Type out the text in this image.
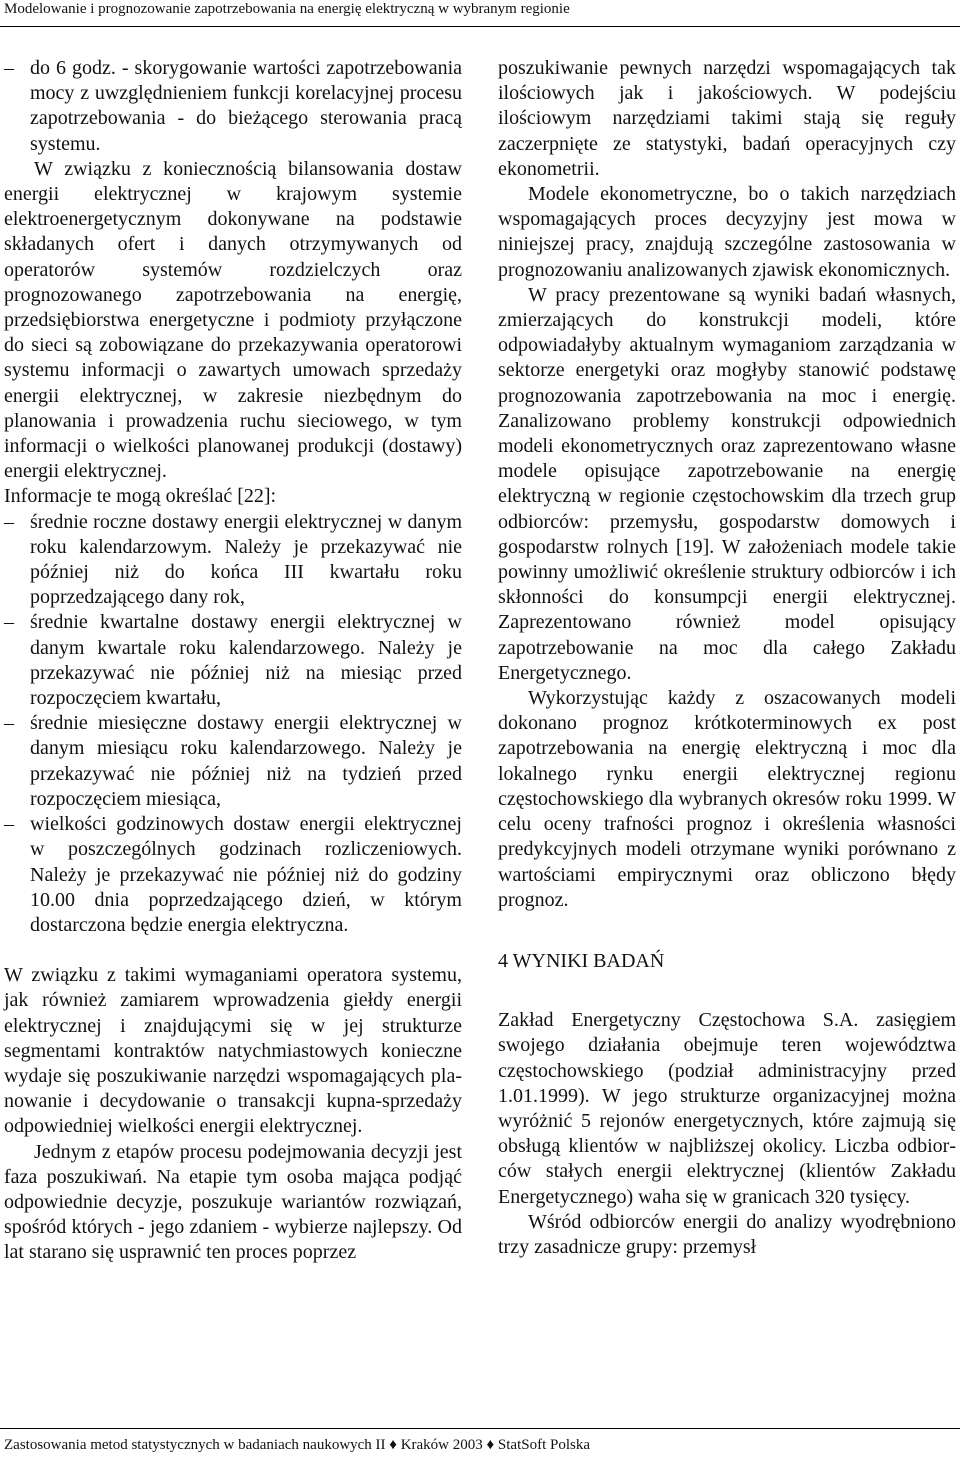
Modelowanie i prognozowanie zapotrzebowania na energię elektryczną w wybranym regionie

– do 6 godz. - skorygowanie wartości zapotrzebowania mocy z uwzględnieniem funkcji korelacyjnej procesu zapotrzebowania - do bieżącego sterowania pracą systemu.

W związku z koniecznością bilansowania dostaw energii elektrycznej w krajowym systemie elektroenergetycznym dokonywane na podstawie składanych ofert i danych otrzymywanych od operatorów systemów rozdzielczych oraz prognozowanego zapotrzebowania na energię, przedsiębiorstwa energetyczne i podmioty przyłączone do sieci są zobowiązane do przekazywania operatorowi systemu informacji o zawartych umowach sprzedaży energii elektrycznej, w zakresie niezbędnym do planowania i prowadzenia ruchu sieciowego, w tym informacji o wielkości planowanej produkcji (dostawy) energii elektrycznej.

Informacje te mogą określać [22]:

– średnie roczne dostawy energii elektrycznej w danym roku kalendarzowym. Należy je przekazywać nie później niż do końca III kwartału roku poprzedzającego dany rok,

– średnie kwartalne dostawy energii elektrycznej w danym kwartale roku kalendarzowego. Należy je przekazywać nie później niż na miesiąc przed rozpoczęciem kwartału,

– średnie miesięczne dostawy energii elektrycznej w danym miesiącu roku kalendarzowego. Należy je przekazywać nie później niż na tydzień przed rozpoczęciem miesiąca,

– wielkości godzinowych dostaw energii elektrycznej w poszczególnych godzinach rozliczeniowych. Należy je przekazywać nie później niż do godziny 10.00 dnia poprzedzającego dzień, w którym dostarczona będzie energia elektryczna.

W związku z takimi wymaganiami operatora systemu, jak również zamiarem wprowadzenia giełdy energii elektrycznej i znajdującymi się w jej strukturze segmentami kontraktów natychmiastowych konieczne wydaje się poszukiwanie narzędzi wspomagających planowanie i decydowanie o transakcji kupna-sprzedaży odpowiedniej wielkości energii elektrycznej.

Jednym z etapów procesu podejmowania decyzji jest faza poszukiwań. Na etapie tym osoba mająca podjąć odpowiednie decyzje, poszukuje wariantów rozwiązań, spośród których - jego zdaniem - wybierze najlepszy. Od lat starano się usprawnić ten proces poprzez

poszukiwanie pewnych narzędzi wspomagających tak ilościowych jak i jakościowych. W podejściu ilościowym narzędziami takimi stają się reguły zaczerpnięte ze statystyki, badań operacyjnych czy ekonometrii.

Modele ekonometryczne, bo o takich narzędziach wspomagających proces decyzyjny jest mowa w niniejszej pracy, znajdują szczególne zastosowania w prognozowaniu analizowanych zjawisk ekonomicznych.

W pracy prezentowane są wyniki badań własnych, zmierzających do konstrukcji modeli, które odpowiadałyby aktualnym wymaganiom zarządzania w sektorze energetyki oraz mogłyby stanowić podstawę prognozowania zapotrzebowania na moc i energię. Zanalizowano problemy konstrukcji odpowiednich modeli ekonometrycznych oraz zaprezentowano własne modele opisujące zapotrzebowanie na energię elektryczną w regionie częstochowskim dla trzech grup odbiorców: przemysłu, gospodarstw domowych i gospodarstw rolnych [19]. W założeniach modele takie powinny umożliwić określenie struktury odbiorców i ich skłonności do konsumpcji energii elektrycznej. Zaprezentowano również model opisujący zapotrzebowanie na moc dla całego Zakładu Energetycznego.

Wykorzystując każdy z oszacowanych modeli dokonano prognoz krótkoterminowych ex post zapotrzebowania na energię elektryczną i moc dla lokalnego rynku energii elektrycznej regionu częstochowskiego dla wybranych okresów roku 1999. W celu oceny trafności prognoz i określenia własności predykcyjnych modeli otrzymane wyniki porównano z wartościami empirycznymi oraz obliczono błędy prognoz.

4 WYNIKI BADAŃ

Zakład Energetyczny Częstochowa S.A. zasięgiem swojego działania obejmuje teren województwa częstochowskiego (podział administracyjny przed 1.01.1999). W jego strukturze organizacyjnej można wyróżnić 5 rejonów energetycznych, które zajmują się obsługą klientów w najbliższej okolicy. Liczba odbiorców stałych energii elektrycznej (klientów Zakładu Energetycznego) waha się w granicach 320 tysięcy.

Wśród odbiorców energii do analizy wyodrębniono trzy zasadnicze grupy: przemysł

Zastosowania metod statystycznych w badaniach naukowych II ♦ Kraków 2003 ♦ StatSoft Polska
